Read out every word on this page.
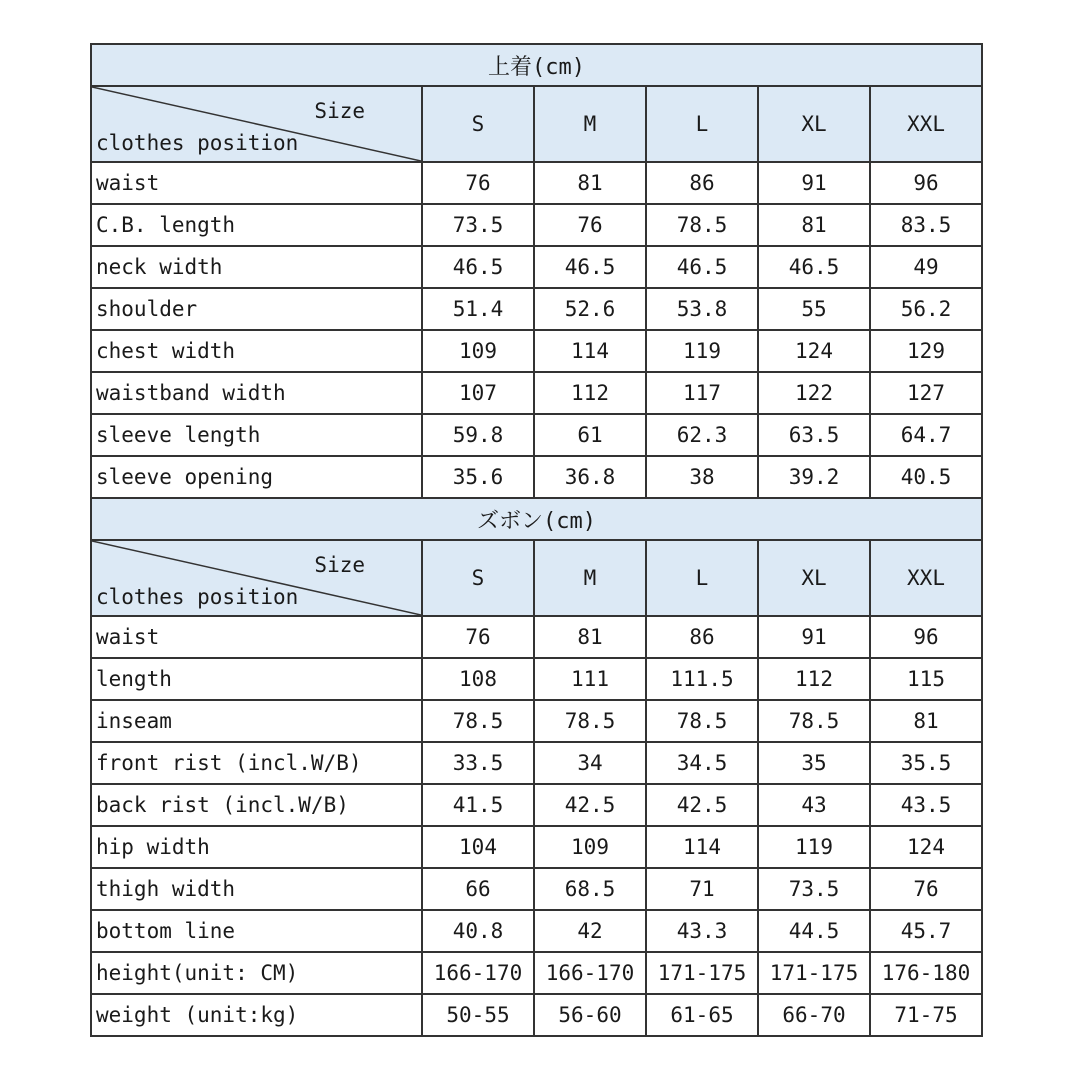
上着(cm)					

Size
clothes position	S	M	L	XL	XXL
waist	76	81	86	91	96
C.B. length	73.5	76	78.5	81	83.5
neck width	46.5	46.5	46.5	46.5	49
shoulder	51.4	52.6	53.8	55	56.2
chest width	109	114	119	124	129
waistband width	107	112	117	122	127
sleeve length	59.8	61	62.3	63.5	64.7
sleeve opening	35.6	36.8	38	39.2	40.5
ズボン(cm)					

Size
clothes position	S	M	L	XL	XXL
waist	76	81	86	91	96
length	108	111	111.5	112	115
inseam	78.5	78.5	78.5	78.5	81
front rist (incl.W/B)	33.5	34	34.5	35	35.5
back rist (incl.W/B)	41.5	42.5	42.5	43	43.5
hip width	104	109	114	119	124
thigh width	66	68.5	71	73.5	76
bottom line	40.8	42	43.3	44.5	45.7
height(unit: CM)	166-170	166-170	171-175	171-175	176-180
weight (unit:kg)	50-55	56-60	61-65	66-70	71-75
